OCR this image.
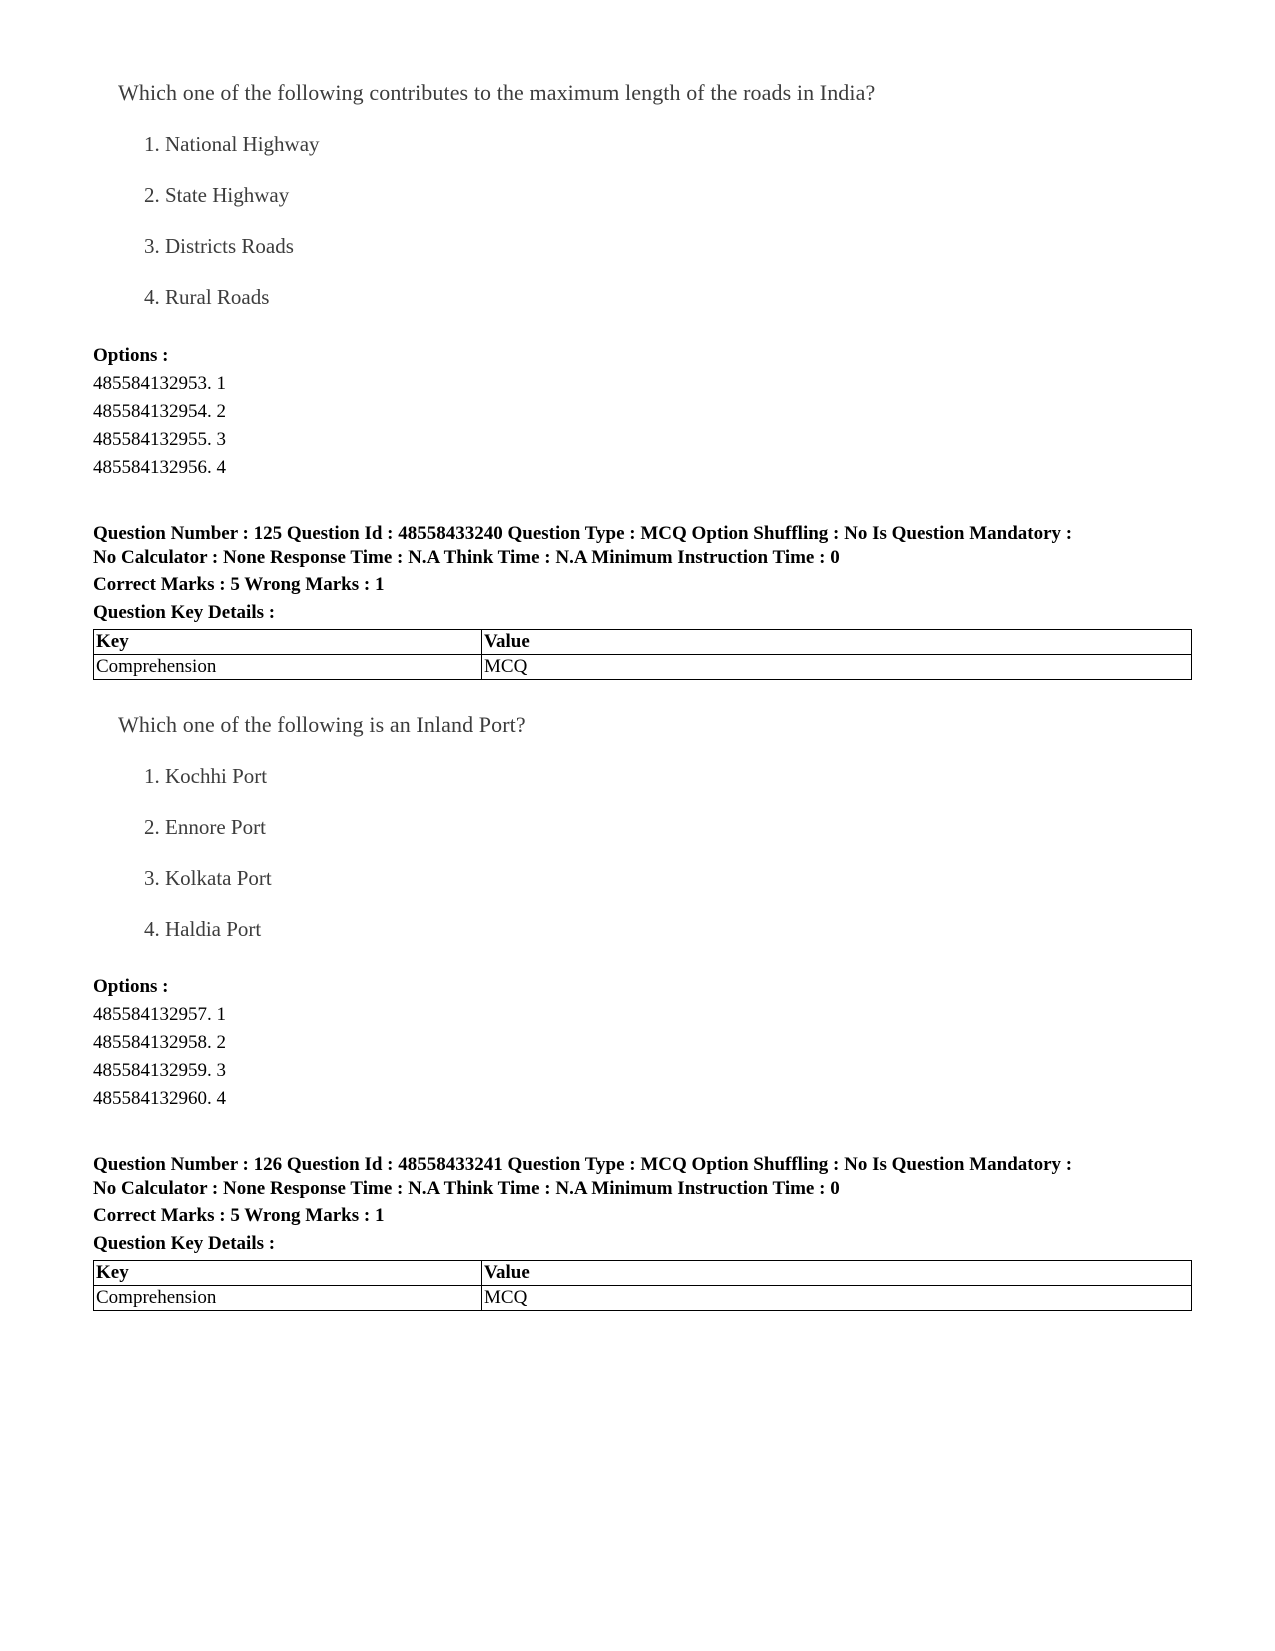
Which one of the following contributes to the maximum length of the roads in India?
1. National Highway
2. State Highway
3. Districts Roads
4. Rural Roads
Options :
485584132953. 1
485584132954. 2
485584132955. 3
485584132956. 4
Question Number : 125 Question Id : 48558433240 Question Type : MCQ Option Shuffling : No Is Question Mandatory :
No Calculator : None Response Time : N.A Think Time : N.A Minimum Instruction Time : 0
Correct Marks : 5 Wrong Marks : 1
Question Key Details :
Key	Value
Comprehension	MCQ
Which one of the following is an Inland Port?
1. Kochhi Port
2. Ennore Port
3. Kolkata Port
4. Haldia Port
Options :
485584132957. 1
485584132958. 2
485584132959. 3
485584132960. 4
Question Number : 126 Question Id : 48558433241 Question Type : MCQ Option Shuffling : No Is Question Mandatory :
No Calculator : None Response Time : N.A Think Time : N.A Minimum Instruction Time : 0
Correct Marks : 5 Wrong Marks : 1
Question Key Details :
Key	Value
Comprehension	MCQ
